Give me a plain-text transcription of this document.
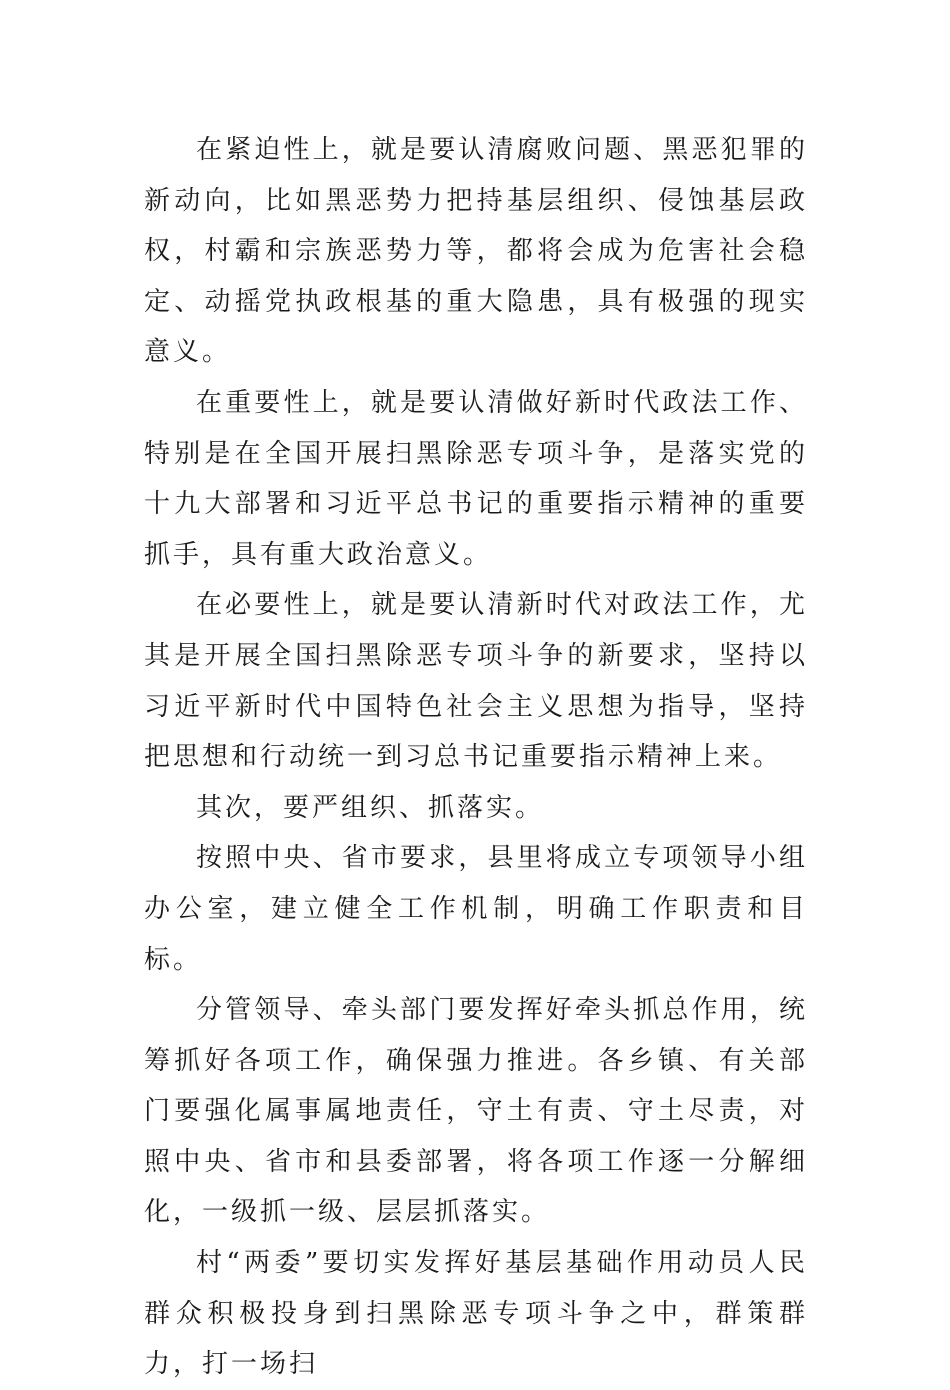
在紧迫性上，就是要认清腐败问题、黑恶犯罪的新动向，比如黑恶势力把持基层组织、侵蚀基层政权，村霸和宗族恶势力等，都将会成为危害社会稳定、动摇党执政根基的重大隐患，具有极强的现实意义。

在重要性上，就是要认清做好新时代政法工作、特别是在全国开展扫黑除恶专项斗争，是落实党的十九大部署和习近平总书记的重要指示精神的重要抓手，具有重大政治意义。

在必要性上，就是要认清新时代对政法工作，尤其是开展全国扫黑除恶专项斗争的新要求，坚持以习近平新时代中国特色社会主义思想为指导，坚持把思想和行动统一到习总书记重要指示精神上来。

其次，要严组织、抓落实。

按照中央、省市要求，县里将成立专项领导小组办公室，建立健全工作机制，明确工作职责和目标。

分管领导、牵头部门要发挥好牵头抓总作用，统筹抓好各项工作，确保强力推进。各乡镇、有关部门要强化属事属地责任，守土有责、守土尽责，对照中央、省市和县委部署，将各项工作逐一分解细化，一级抓一级、层层抓落实。

村“两委”要切实发挥好基层基础作用动员人民群众积极投身到扫黑除恶专项斗争之中，群策群力，打一场扫
